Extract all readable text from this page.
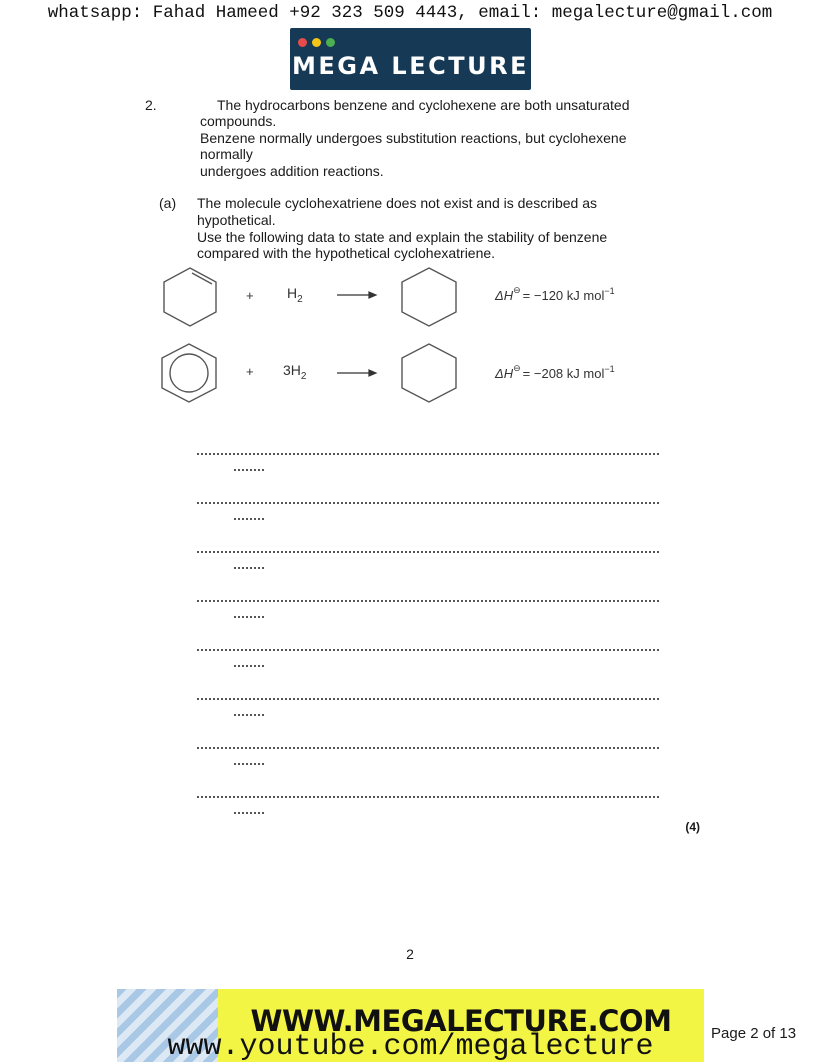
whatsapp: Fahad Hameed +92 323 509 4443, email: megalecture@gmail.com
MEGA LECTURE
2.	The hydrocarbons benzene and cyclohexene are both unsaturated
compounds.
Benzene normally undergoes substitution reactions, but cyclohexene
normally
undergoes addition reactions.
(a) The molecule cyclohexatriene does not exist and is described as
hypothetical.
Use the following data to state and explain the stability of benzene
compared with the hypothetical cyclohexatriene.
+ $H_2$	ΔH⊖ = −120 kJ mol$^{-1}$
+ $3H_2$	ΔH⊖ = −208 kJ mol$^{-1}$
(4)
2
WWW.MEGALECTURE.COM
www.youtube.com/megalecture	Page 2 of 13
